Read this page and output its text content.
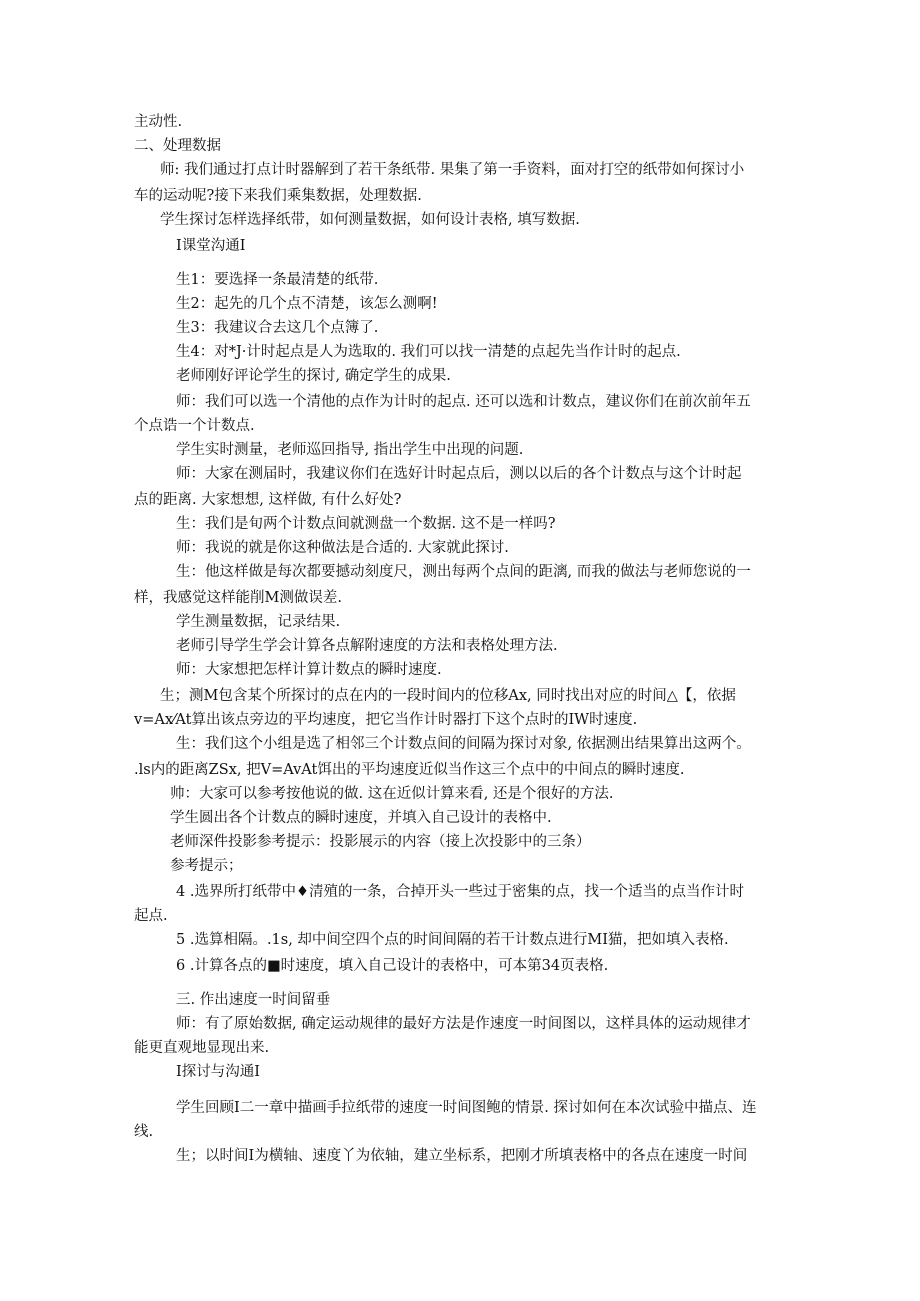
主动性.
二、处理数据
师: 我们通过打点计时器解到了若干条纸带. 果集了第一手资料，面对打空的纸带如何探讨小
车的运动呢?接下来我们乘集数据，处理数据.
学生探讨怎样选择纸带，如何测量数据，如何设计表格, 填写数据.
I课堂沟通I
生1：要选择一条最清楚的纸带.
生2：起先的几个点不清楚，该怎么测啊!
生3：我建议合去这几个点簿了.
生4：对*J·计时起点是人为选取的. 我们可以找一清楚的点起先当作计时的起点.
老师刚好评论学生的探讨, 确定学生的成果.
师：我们可以选一个清他的点作为计时的起点. 还可以选和计数点，建议你们在前次前年五
个点诰一个计数点.
学生实时测量，老师巡回指导, 指出学生中出现的问题.
师：大家在测届时，我建议你们在选好计时起点后，测以以后的各个计数点与这个计时起
点的距离. 大家想想, 这样做, 有什么好处?
生：我们是旬两个计数点间就测盘一个数据. 这不是一样吗?
师：我说的就是你这种做法是合适的. 大家就此探讨.
生：他这样做是每次都要撼动刻度尺，测出每两个点间的距漓, 而我的做法与老师您说的一
样，我感觉这样能削M测做误差.
学生测量数据，记录结果.
老师引导学生学会计算各点解附速度的方法和表格处理方法.
师：大家想把怎样计算计数点的瞬时速度.
生；测M包含某个所探讨的点在内的一段时间内的位移Ax, 同时找出对应的时间△【，依据
v=Ax⁄At算出该点旁边的平均速度，把它当作计时器打下这个点时的IW时速度.
生：我们这个小组是选了相邻三个计数点间的间隔为探讨对象, 依据测出结果算出这两个。
.ls内的距离ZSx, 把V=AvAt饵出的平均速度近似当作这三个点中的中间点的瞬时速度.
帅：大家可以参考按他说的做. 这在近似计算来看, 还是个很好的方法.
学生圆出各个计数点的瞬时速度，并填入自己设计的表格中.
老师深件投影参考提示：投影展示的内容（接上次投影中的三条）
参考提示；
4 .选界所打纸带中♦清殖的一条，合掉开头一些过于密集的点，找一个适当的点当作计时
起点.
5 .选算相隔。.1s, 却中间空四个点的时间间隔的若干计数点进行MI猫，把如填入表格.
6 .计算各点的■时速度，填入自己设计的表格中，可本第34页表格.
三. 作出速度一时间留垂
师：有了原始数据, 确定运动规律的最好方法是作速度一时间图以，这样具体的运动规律才
能更直观地显现出来.
I探讨与沟通I
学生回顾I二一章中描画手拉纸带的速度一时间图鲍的情景. 探讨如何在本次试验中描点、连
线.
生；以时间I为横轴、速度丫为依轴，建立坐标系，把刚才所填表格中的各点在速度一时间
